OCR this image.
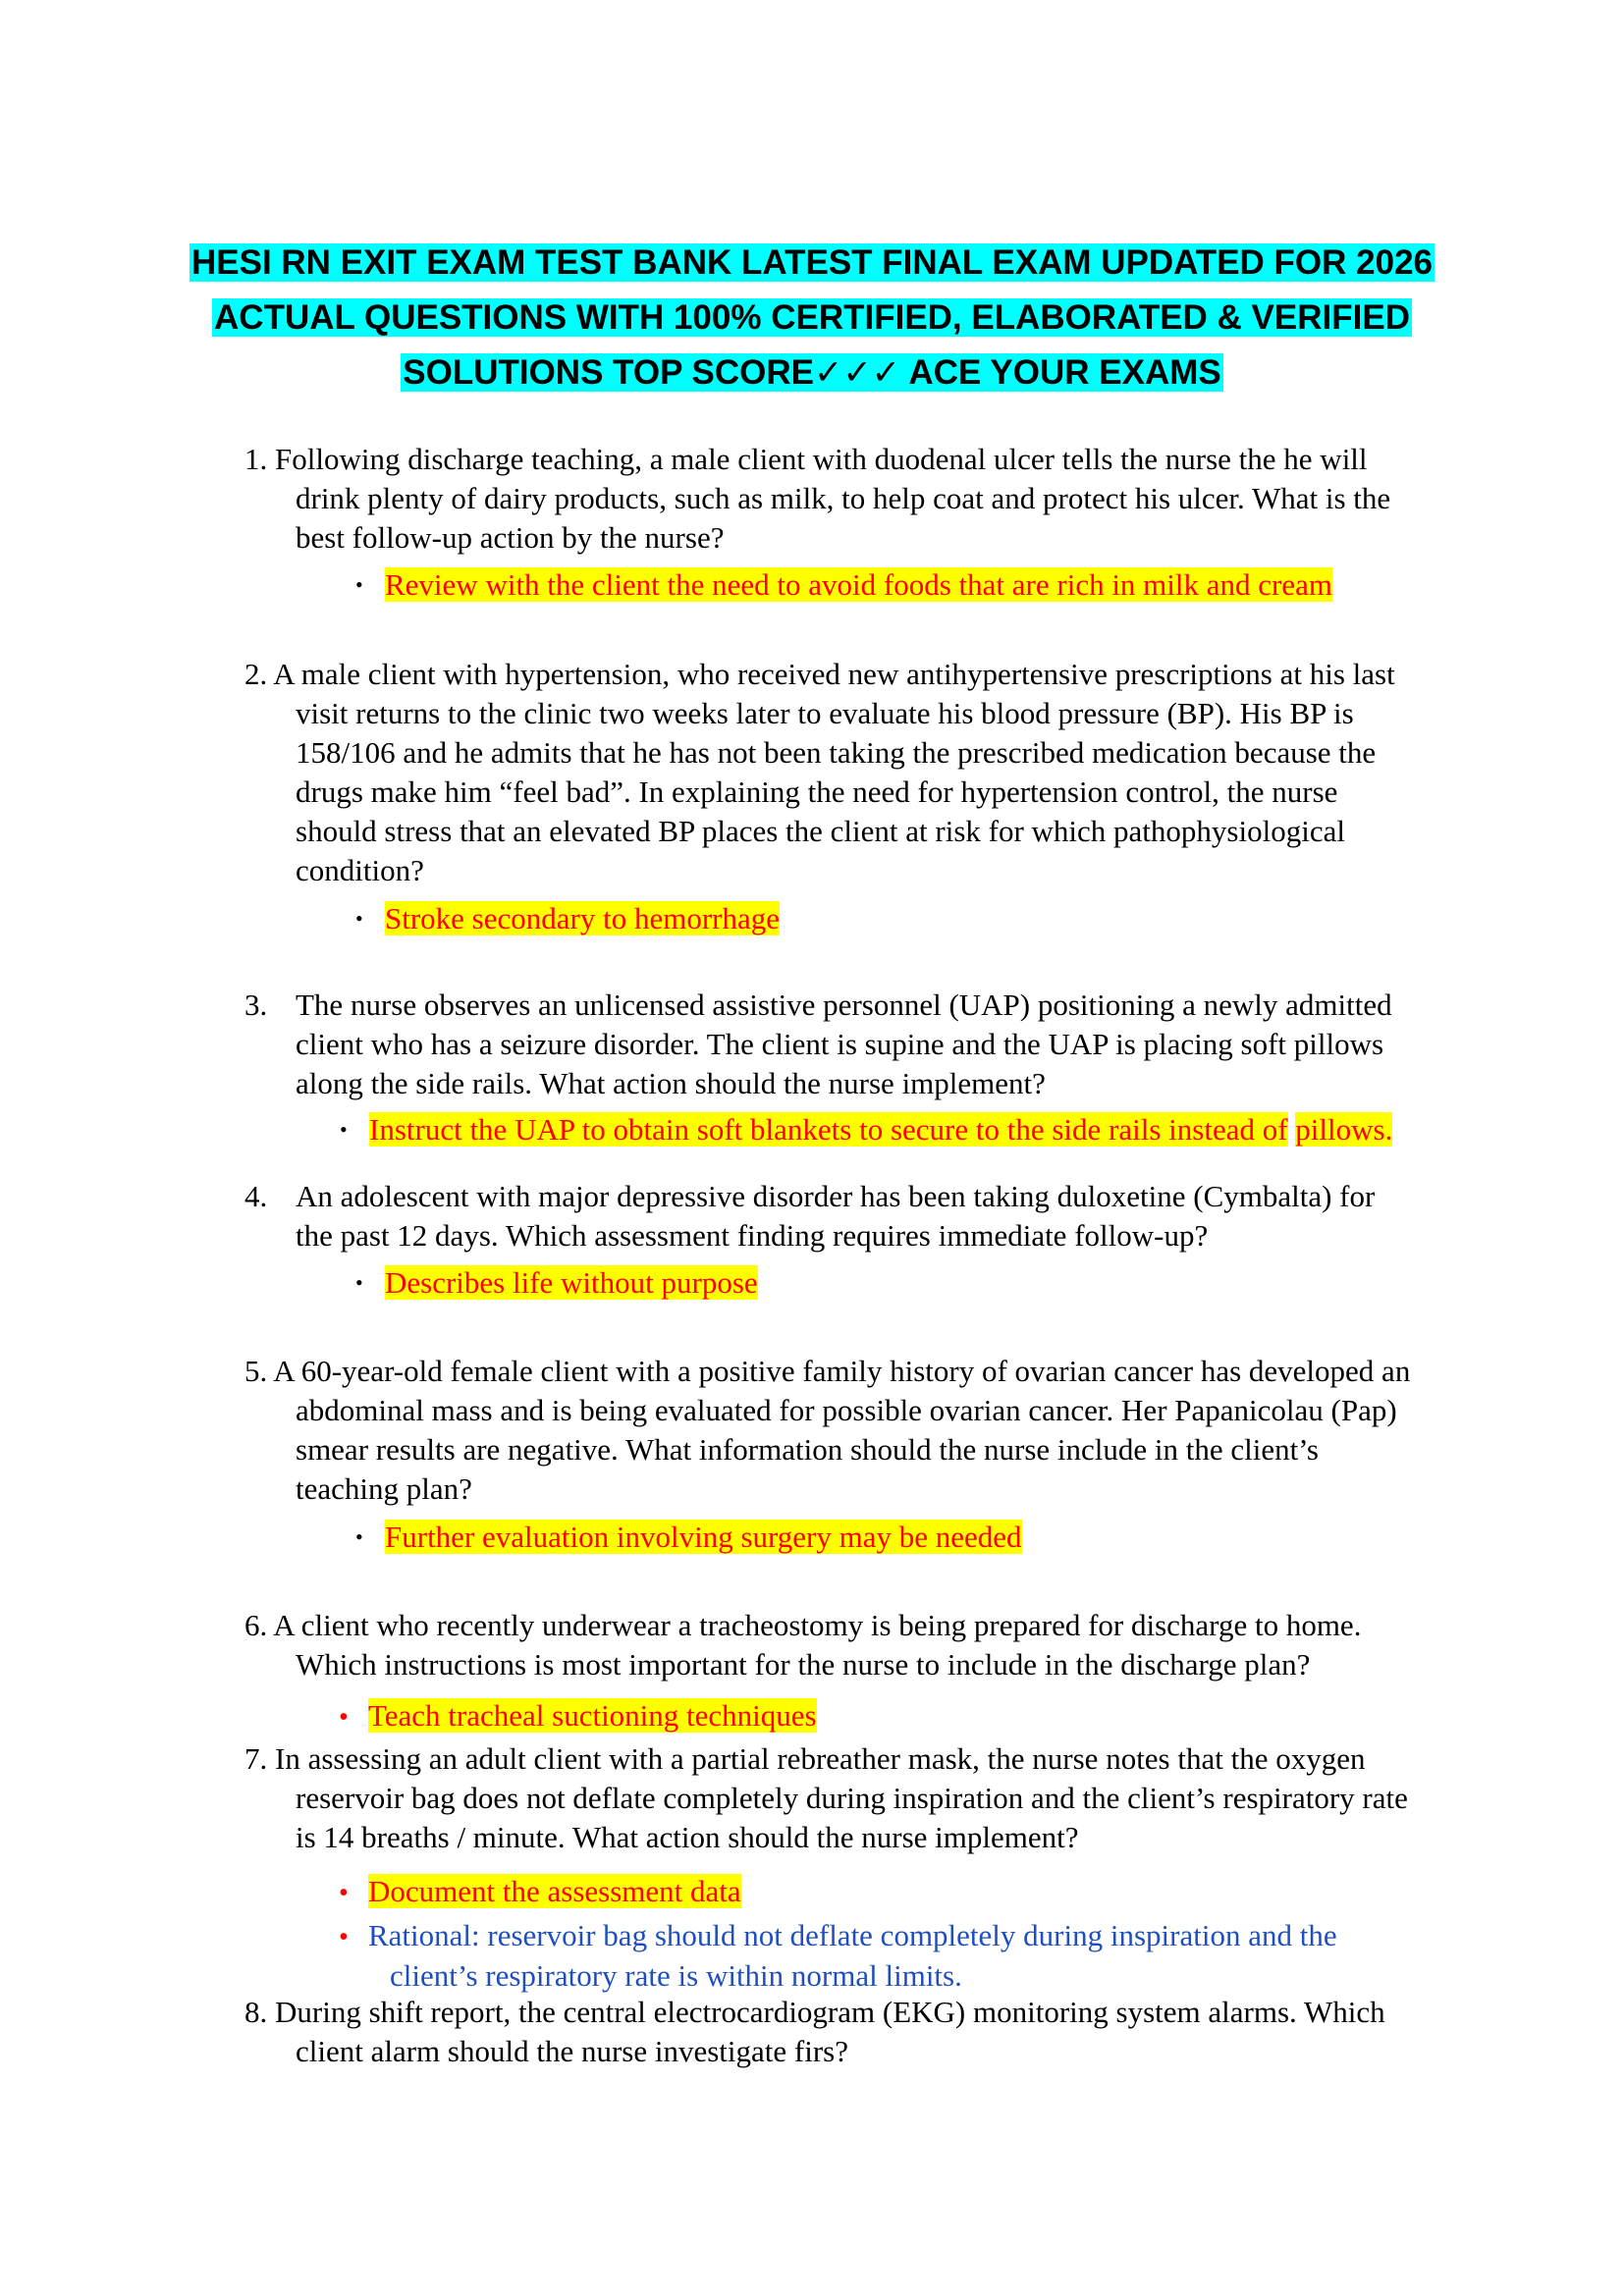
HESI RN EXIT EXAM TEST BANK LATEST FINAL EXAM UPDATED FOR 2026
ACTUAL QUESTIONS WITH 100% CERTIFIED, ELABORATED & VERIFIED
SOLUTIONS TOP SCORE✓✓✓ ACE YOUR EXAMS
1. Following discharge teaching, a male client with duodenal ulcer tells the nurse the he will
drink plenty of dairy products, such as milk, to help coat and protect his ulcer. What is the
best follow-up action by the nurse?
• Review with the client the need to avoid foods that are rich in milk and cream
2. A male client with hypertension, who received new antihypertensive prescriptions at his last
visit returns to the clinic two weeks later to evaluate his blood pressure (BP). His BP is
158/106 and he admits that he has not been taking the prescribed medication because the
drugs make him “feel bad”. In explaining the need for hypertension control, the nurse
should stress that an elevated BP places the client at risk for which pathophysiological
condition?
• Stroke secondary to hemorrhage
3. The nurse observes an unlicensed assistive personnel (UAP) positioning a newly admitted
client who has a seizure disorder. The client is supine and the UAP is placing soft pillows
along the side rails. What action should the nurse implement?
• Instruct the UAP to obtain soft blankets to secure to the side rails instead of pillows.
4. An adolescent with major depressive disorder has been taking duloxetine (Cymbalta) for
the past 12 days. Which assessment finding requires immediate follow-up?
• Describes life without purpose
5. A 60-year-old female client with a positive family history of ovarian cancer has developed an
abdominal mass and is being evaluated for possible ovarian cancer. Her Papanicolau (Pap)
smear results are negative. What information should the nurse include in the client’s
teaching plan?
• Further evaluation involving surgery may be needed
6. A client who recently underwear a tracheostomy is being prepared for discharge to home.
Which instructions is most important for the nurse to include in the discharge plan?
• Teach tracheal suctioning techniques
7. In assessing an adult client with a partial rebreather mask, the nurse notes that the oxygen
reservoir bag does not deflate completely during inspiration and the client’s respiratory rate
is 14 breaths / minute. What action should the nurse implement?
• Document the assessment data
• Rational: reservoir bag should not deflate completely during inspiration and the
client’s respiratory rate is within normal limits.
8. During shift report, the central electrocardiogram (EKG) monitoring system alarms. Which
client alarm should the nurse investigate firs?
